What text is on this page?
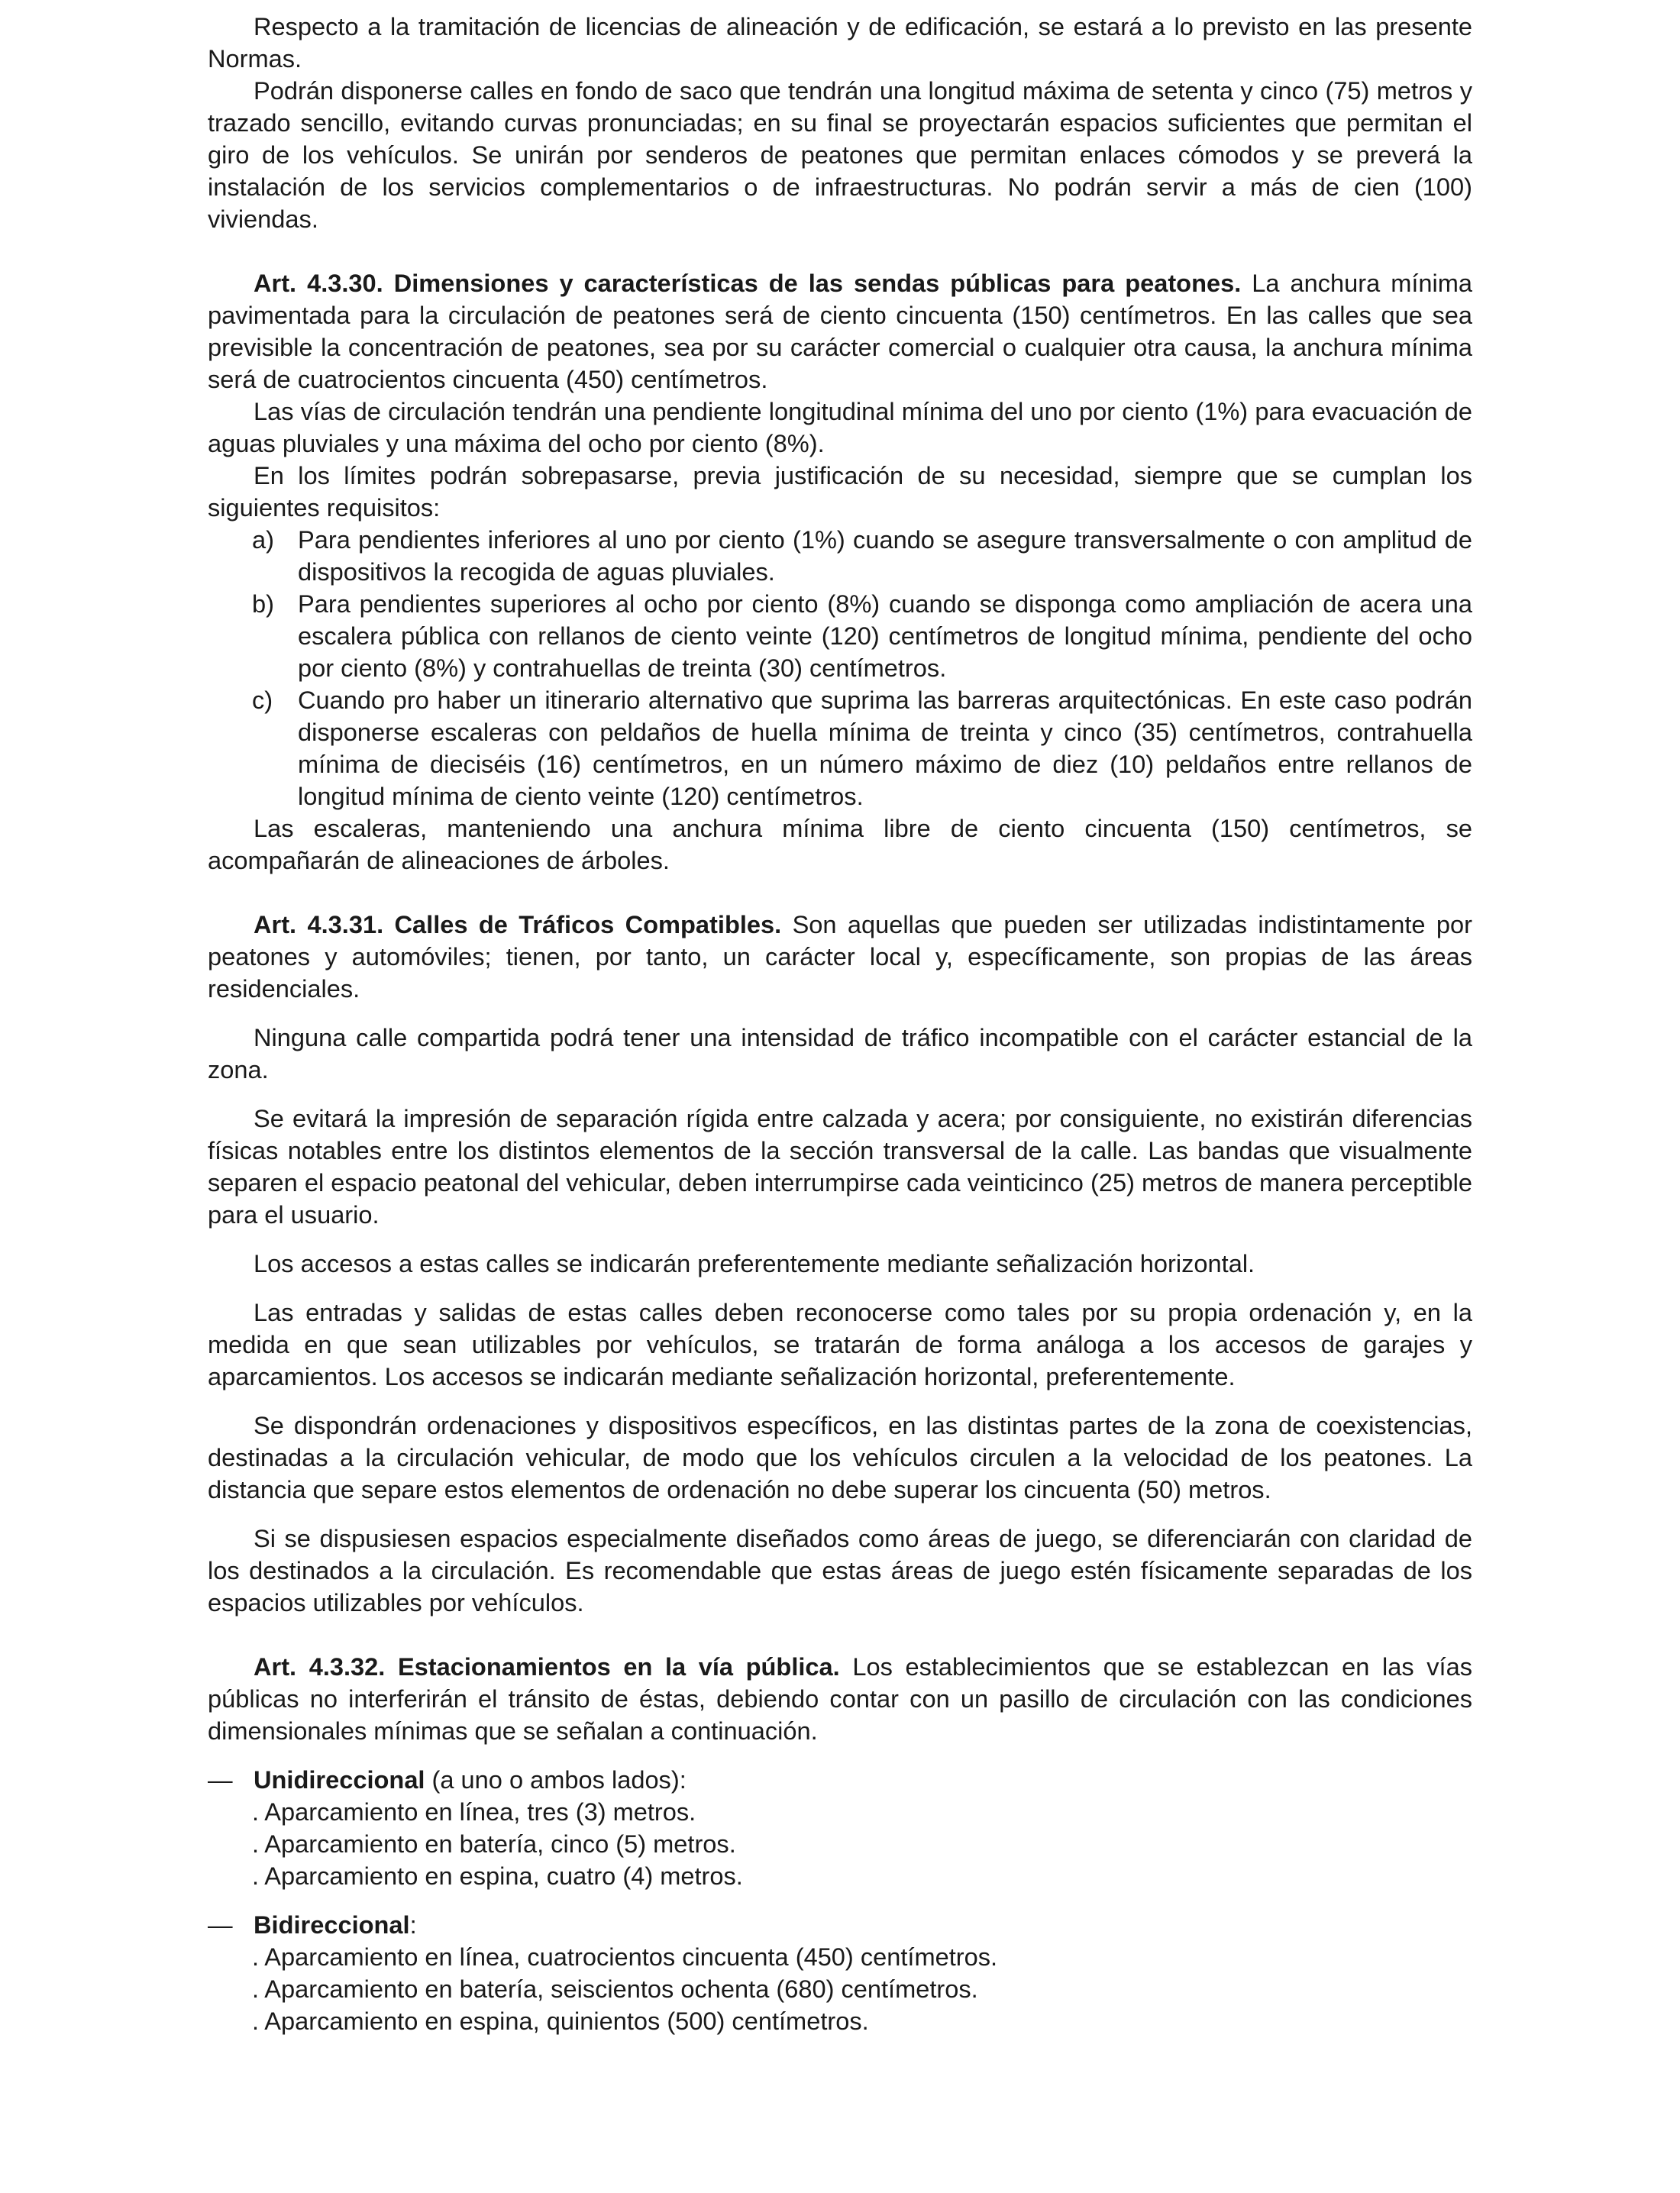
Respecto a la tramitación de licencias de alineación y de edificación, se estará a lo previsto en las presente Normas.

Podrán disponerse calles en fondo de saco que tendrán una longitud máxima de setenta y cinco (75) metros y trazado sencillo, evitando curvas pronunciadas; en su final se proyectarán espacios suficientes que permitan el giro de los vehículos. Se unirán por senderos de peatones que permitan enlaces cómodos y se preverá la instalación de los servicios complementarios o de infraestructuras. No podrán servir a más de cien (100) viviendas.

Art. 4.3.30. Dimensiones y características de las sendas públicas para peatones. La anchura mínima pavimentada para la circulación de peatones será de ciento cincuenta (150) centímetros. En las calles que sea previsible la concentración de peatones, sea por su carácter comercial o cualquier otra causa, la anchura mínima será de cuatrocientos cincuenta (450) centímetros.

Las vías de circulación tendrán una pendiente longitudinal mínima del uno por ciento (1%) para evacuación de aguas pluviales y una máxima del ocho por ciento (8%).

En los límites podrán sobrepasarse, previa justificación de su necesidad, siempre que se cumplan los siguientes requisitos:

a) Para pendientes inferiores al uno por ciento (1%) cuando se asegure transversalmente o con amplitud de dispositivos la recogida de aguas pluviales.
b) Para pendientes superiores al ocho por ciento (8%) cuando se disponga como ampliación de acera una escalera pública con rellanos de ciento veinte (120) centímetros de longitud mínima, pendiente del ocho por ciento (8%) y contrahuellas de treinta (30) centímetros.
c) Cuando pro haber un itinerario alternativo que suprima las barreras arquitectónicas. En este caso podrán disponerse escaleras con peldaños de huella mínima de treinta y cinco (35) centímetros, contrahuella mínima de dieciséis (16) centímetros, en un número máximo de diez (10) peldaños entre rellanos de longitud mínima de ciento veinte (120) centímetros.

Las escaleras, manteniendo una anchura mínima libre de ciento cincuenta (150) centímetros, se acompañarán de alineaciones de árboles.

Art. 4.3.31. Calles de Tráficos Compatibles. Son aquellas que pueden ser utilizadas indistintamente por peatones y automóviles; tienen, por tanto, un carácter local y, específicamente, son propias de las áreas residenciales.

Ninguna calle compartida podrá tener una intensidad de tráfico incompatible con el carácter estancial de la zona.

Se evitará la impresión de separación rígida entre calzada y acera; por consiguiente, no existirán diferencias físicas notables entre los distintos elementos de la sección transversal de la calle. Las bandas que visualmente separen el espacio peatonal del vehicular, deben interrumpirse cada veinticinco (25) metros de manera perceptible para el usuario.

Los accesos a estas calles se indicarán preferentemente mediante señalización horizontal.

Las entradas y salidas de estas calles deben reconocerse como tales por su propia ordenación y, en la medida en que sean utilizables por vehículos, se tratarán de forma análoga a los accesos de garajes y aparcamientos. Los accesos se indicarán mediante señalización horizontal, preferentemente.

Se dispondrán ordenaciones y dispositivos específicos, en las distintas partes de la zona de coexistencias, destinadas a la circulación vehicular, de modo que los vehículos circulen a la velocidad de los peatones. La distancia que separe estos elementos de ordenación no debe superar los cincuenta (50) metros.

Si se dispusiesen espacios especialmente diseñados como áreas de juego, se diferenciarán con claridad de los destinados a la circulación. Es recomendable que estas áreas de juego estén físicamente separadas de los espacios utilizables por vehículos.

Art. 4.3.32. Estacionamientos en la vía pública. Los establecimientos que se establezcan en las vías públicas no interferirán el tránsito de éstas, debiendo contar con un pasillo de circulación con las condiciones dimensionales mínimas que se señalan a continuación.

— Unidireccional (a uno o ambos lados):
. Aparcamiento en línea, tres (3) metros.
. Aparcamiento en batería, cinco (5) metros.
. Aparcamiento en espina, cuatro (4) metros.
— Bidireccional:
. Aparcamiento en línea, cuatrocientos cincuenta (450) centímetros.
. Aparcamiento en batería, seiscientos ochenta (680) centímetros.
. Aparcamiento en espina, quinientos (500) centímetros.
